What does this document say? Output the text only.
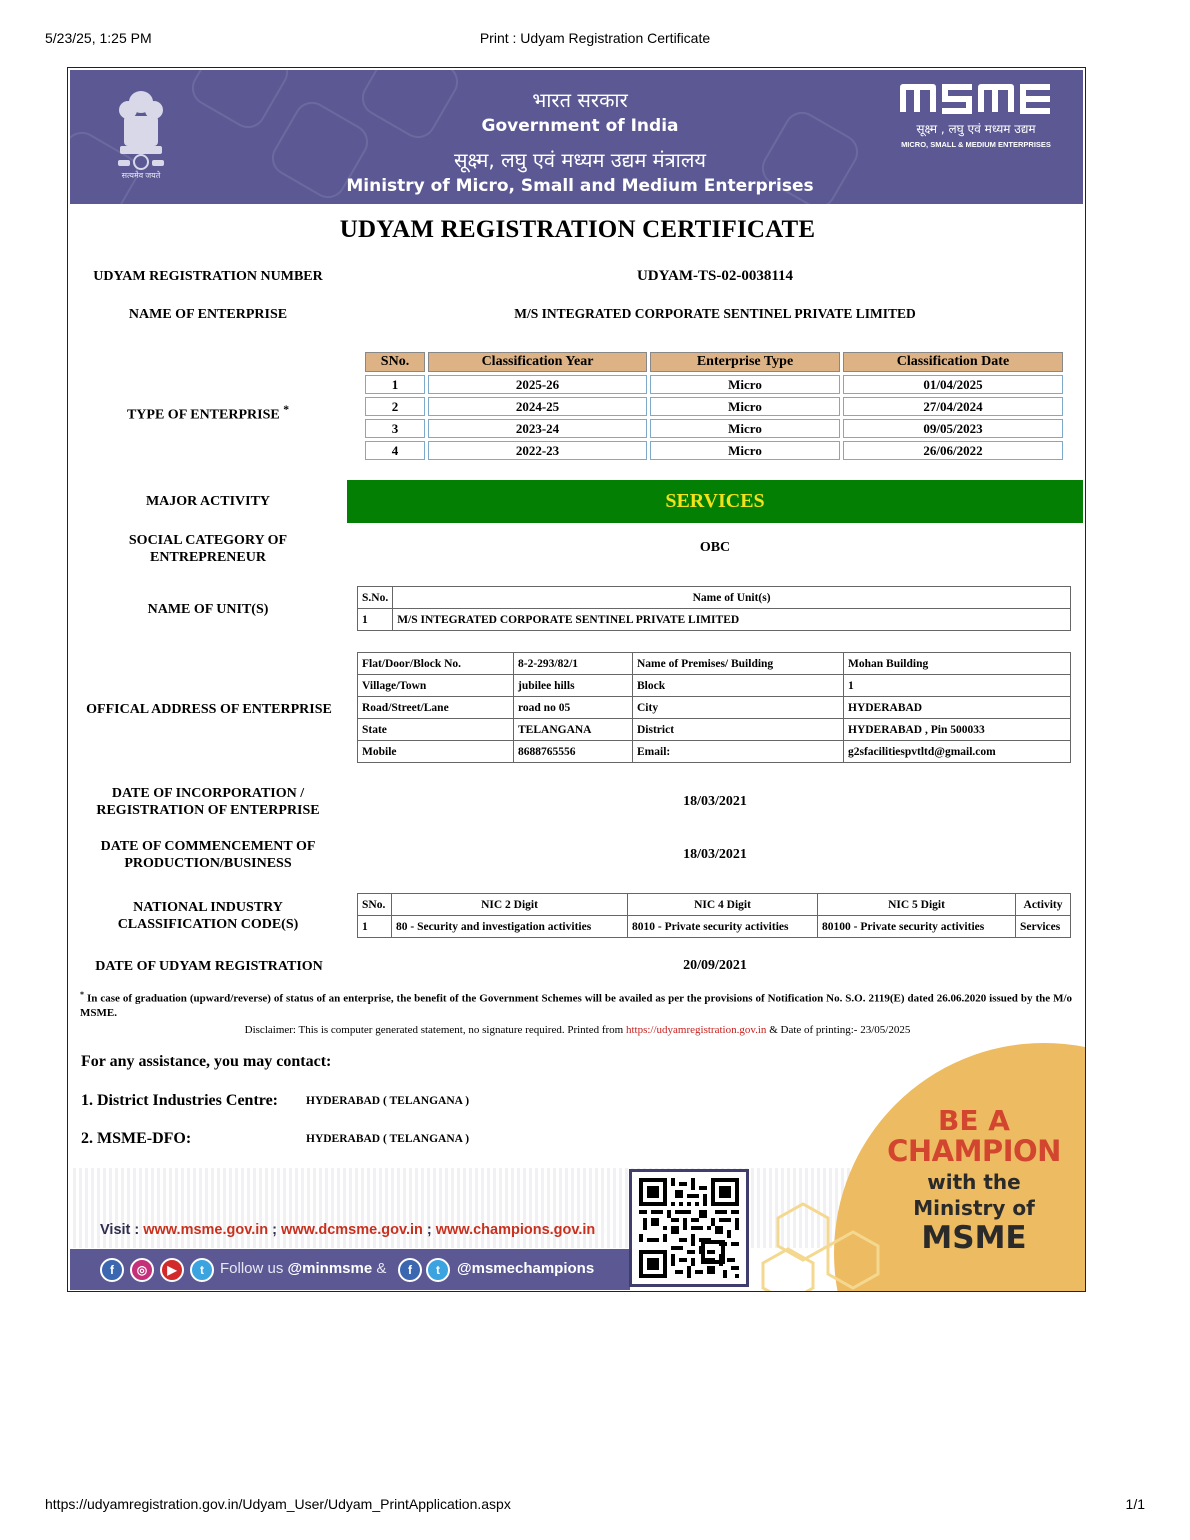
5/23/25, 1:25 PM	Print : Udyam Registration Certificate
सत्यमेव जयते
भारत सरकार
Government of India
सूक्ष्म, लघु एवं मध्यम उद्यम मंत्रालय
Ministry of Micro, Small and Medium Enterprises
सूक्ष्म , लघु एवं मध्यम उद्यम
MICRO, SMALL & MEDIUM ENTERPRISES
UDYAM REGISTRATION CERTIFICATE
UDYAM REGISTRATION NUMBER	UDYAM-TS-02-0038114
NAME OF ENTERPRISE	M/S INTEGRATED CORPORATE SENTINEL PRIVATE LIMITED
TYPE OF ENTERPRISE *
SNo.	Classification Year	Enterprise Type	Classification Date
1	2025-26	Micro	01/04/2025
2	2024-25	Micro	27/04/2024
3	2023-24	Micro	09/05/2023
4	2022-23	Micro	26/06/2022
MAJOR ACTIVITY	SERVICES
SOCIAL CATEGORY OF
ENTREPRENEUR
OBC
NAME OF UNIT(S)
S.No.	Name of Unit(s)
1	M/S INTEGRATED CORPORATE SENTINEL PRIVATE LIMITED
OFFICAL ADDRESS OF ENTERPRISE
Flat/Door/Block No.	8-2-293/82/1	Name of Premises/ Building	Mohan Building
Village/Town	jubilee hills	Block	1
Road/Street/Lane	road no 05	City	HYDERABAD
State	TELANGANA	District	HYDERABAD , Pin 500033
Mobile	8688765556	Email:	g2sfacilitiespvtltd@gmail.com
DATE OF INCORPORATION /
REGISTRATION OF ENTERPRISE
18/03/2021
DATE OF COMMENCEMENT OF
PRODUCTION/BUSINESS
18/03/2021
NATIONAL INDUSTRY
CLASSIFICATION CODE(S)
SNo.	NIC 2 Digit	NIC 4 Digit	NIC 5 Digit	Activity
1	80 - Security and investigation activities	8010 - Private security activities	80100 - Private security activities	Services
DATE OF UDYAM REGISTRATION	20/09/2021
* In case of graduation (upward/reverse) of status of an enterprise, the benefit of the Government Schemes will be availed as per the provisions of Notification No. S.O. 2119(E) dated 26.06.2020 issued by the M/o MSME.
Disclaimer: This is computer generated statement, no signature required. Printed from https://udyamregistration.gov.in & Date of printing:- 23/05/2025
For any assistance, you may contact:
1. District Industries Centre: HYDERABAD ( TELANGANA )
2. MSME-DFO:	HYDERABAD ( TELANGANA )
Visit : www.msme.gov.in ; www.dcmsme.gov.in ; www.champions.gov.in
f	◎	▶	t	Follow us @minmsme &	f	t	@msmechampions
BE A
CHAMPION
with the
Ministry of
MSME
https://udyamregistration.gov.in/Udyam_User/Udyam_PrintApplication.aspx	1/1
